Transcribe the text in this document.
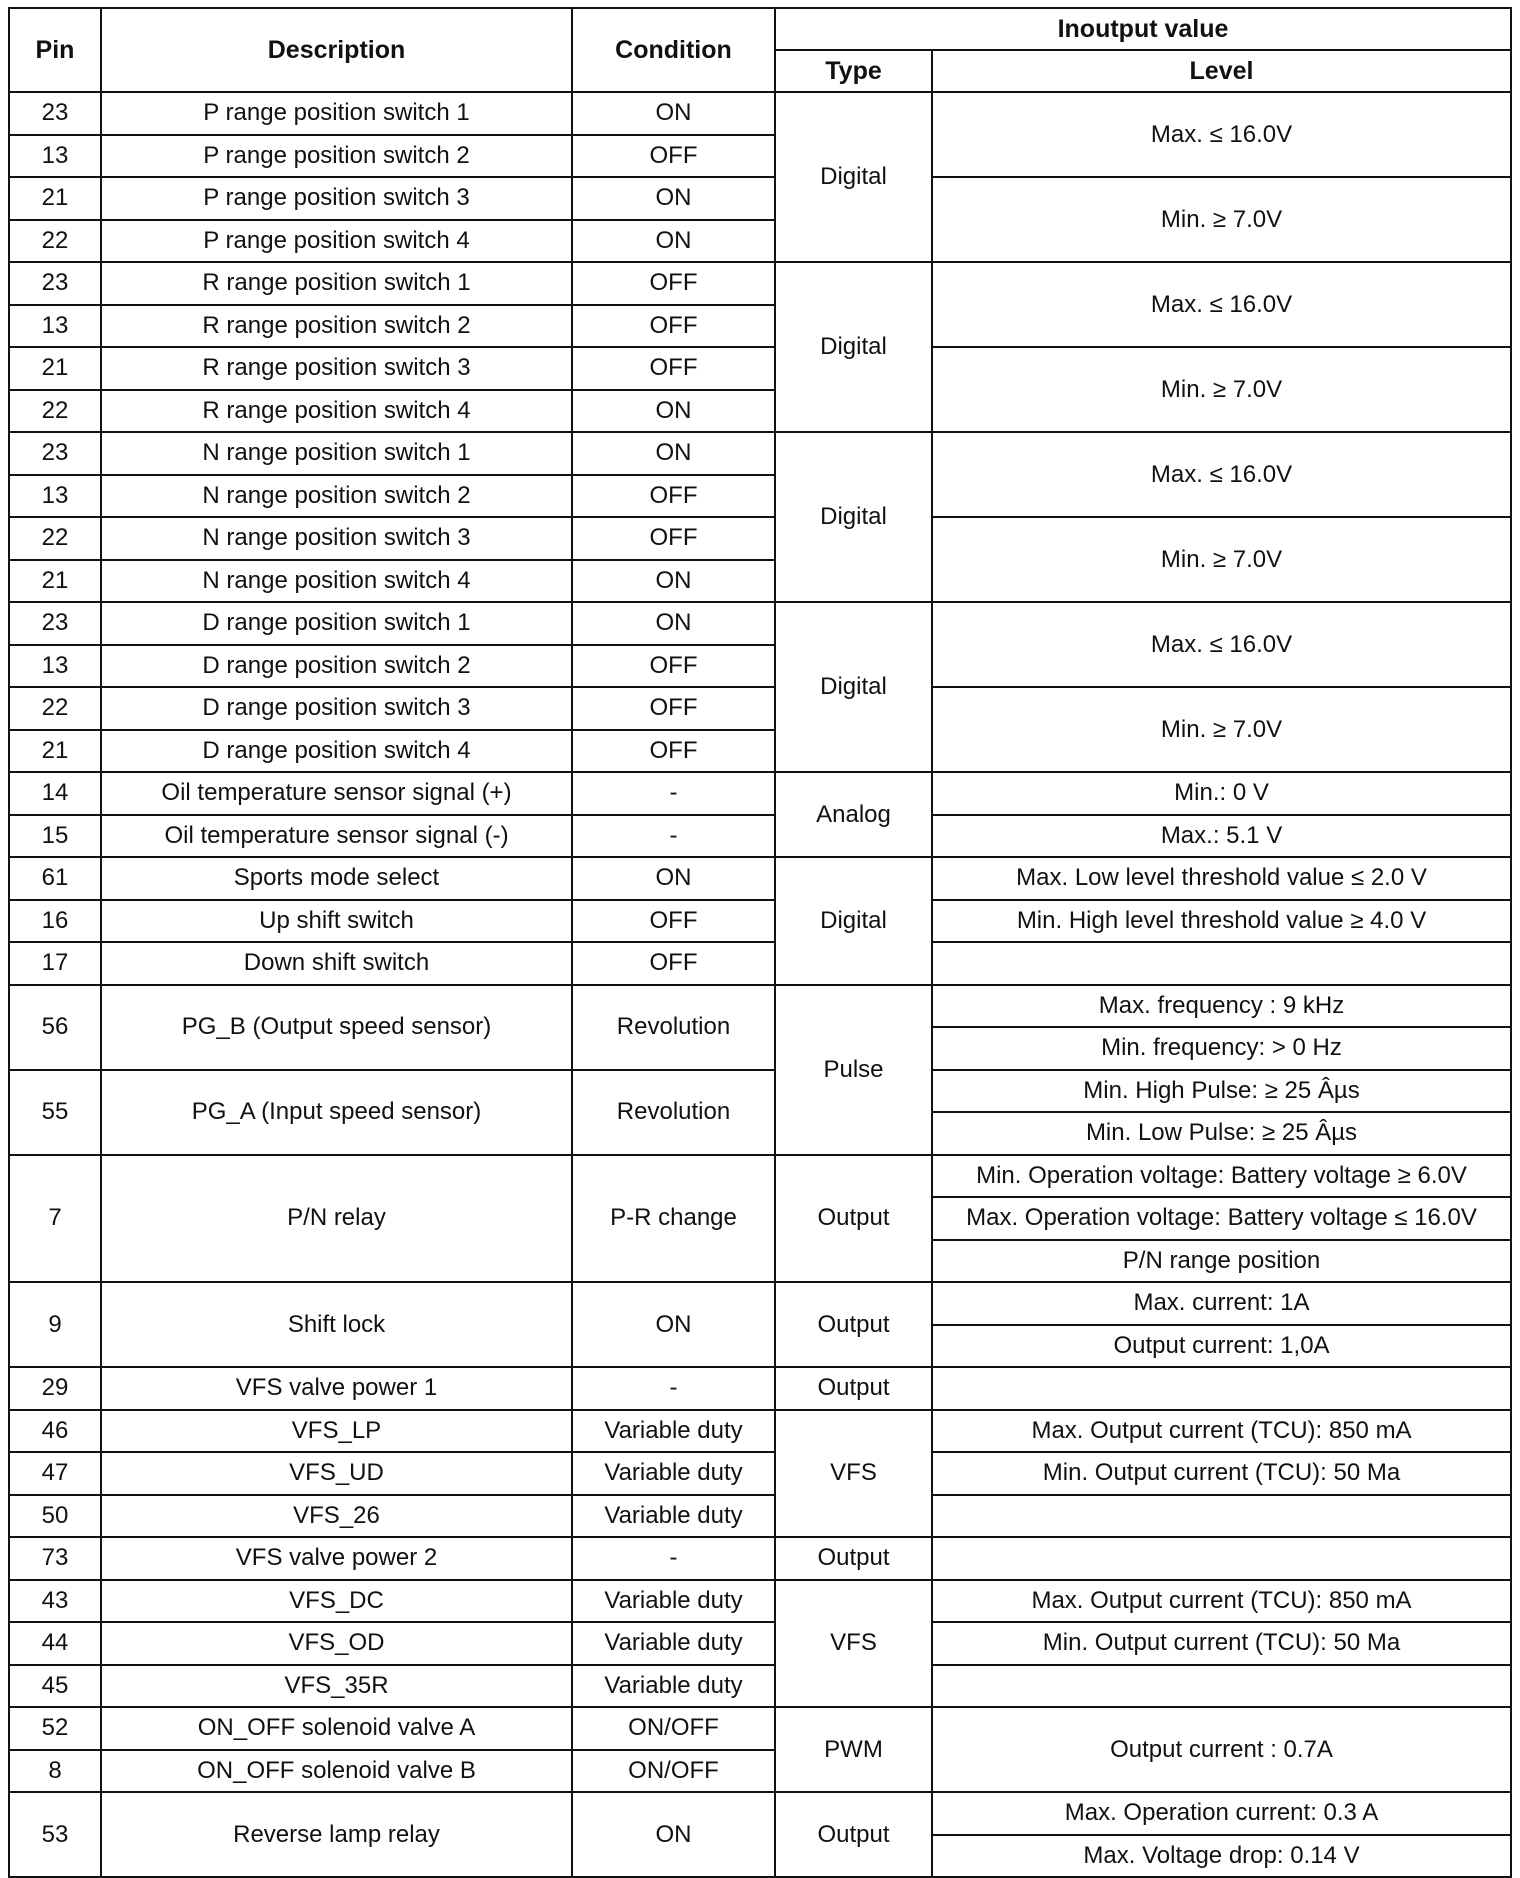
Pin	Description	Condition	Inoutput value	
			Type	Level
23	P range position switch 1	ON	Digital	Max. ≤ 16.0V
13	P range position switch 2	OFF		
21	P range position switch 3	ON		Min. ≥ 7.0V
22	P range position switch 4	ON		
23	R range position switch 1	OFF	Digital	Max. ≤ 16.0V
13	R range position switch 2	OFF		
21	R range position switch 3	OFF		Min. ≥ 7.0V
22	R range position switch 4	ON		
23	N range position switch 1	ON	Digital	Max. ≤ 16.0V
13	N range position switch 2	OFF		
22	N range position switch 3	OFF		Min. ≥ 7.0V
21	N range position switch 4	ON		
23	D range position switch 1	ON	Digital	Max. ≤ 16.0V
13	D range position switch 2	OFF		
22	D range position switch 3	OFF		Min. ≥ 7.0V
21	D range position switch 4	OFF		
14	Oil temperature sensor signal (+)	-	Analog	Min.: 0 V
15	Oil temperature sensor signal (-)	-		Max.: 5.1 V
61	Sports mode select	ON	Digital	Max. Low level threshold value ≤ 2.0 V
16	Up shift switch	OFF		Min. High level threshold value ≥ 4.0 V
17	Down shift switch	OFF		
56	PG_B (Output speed sensor)	Revolution	Pulse	Max. frequency : 9 kHz
				Min. frequency: > 0 Hz
55	PG_A (Input speed sensor)	Revolution		Min. High Pulse: ≥ 25 Âµs
				Min. Low Pulse: ≥ 25 Âµs
7	P/N relay	P-R change	Output	Min. Operation voltage: Battery voltage ≥ 6.0V
				Max. Operation voltage: Battery voltage ≤ 16.0V
				P/N range position
9	Shift lock	ON	Output	Max. current: 1A
				Output current: 1,0A
29	VFS valve power 1	-	Output	
46	VFS_LP	Variable duty	VFS	Max. Output current (TCU): 850 mA
47	VFS_UD	Variable duty		Min. Output current (TCU): 50 Ma
50	VFS_26	Variable duty		
73	VFS valve power 2	-	Output	
43	VFS_DC	Variable duty	VFS	Max. Output current (TCU): 850 mA
44	VFS_OD	Variable duty		Min. Output current (TCU): 50 Ma
45	VFS_35R	Variable duty		
52	ON_OFF solenoid valve A	ON/OFF	PWM	Output current : 0.7A
8	ON_OFF solenoid valve B	ON/OFF		
53	Reverse lamp relay	ON	Output	Max. Operation current: 0.3 A
				Max. Voltage drop: 0.14 V
